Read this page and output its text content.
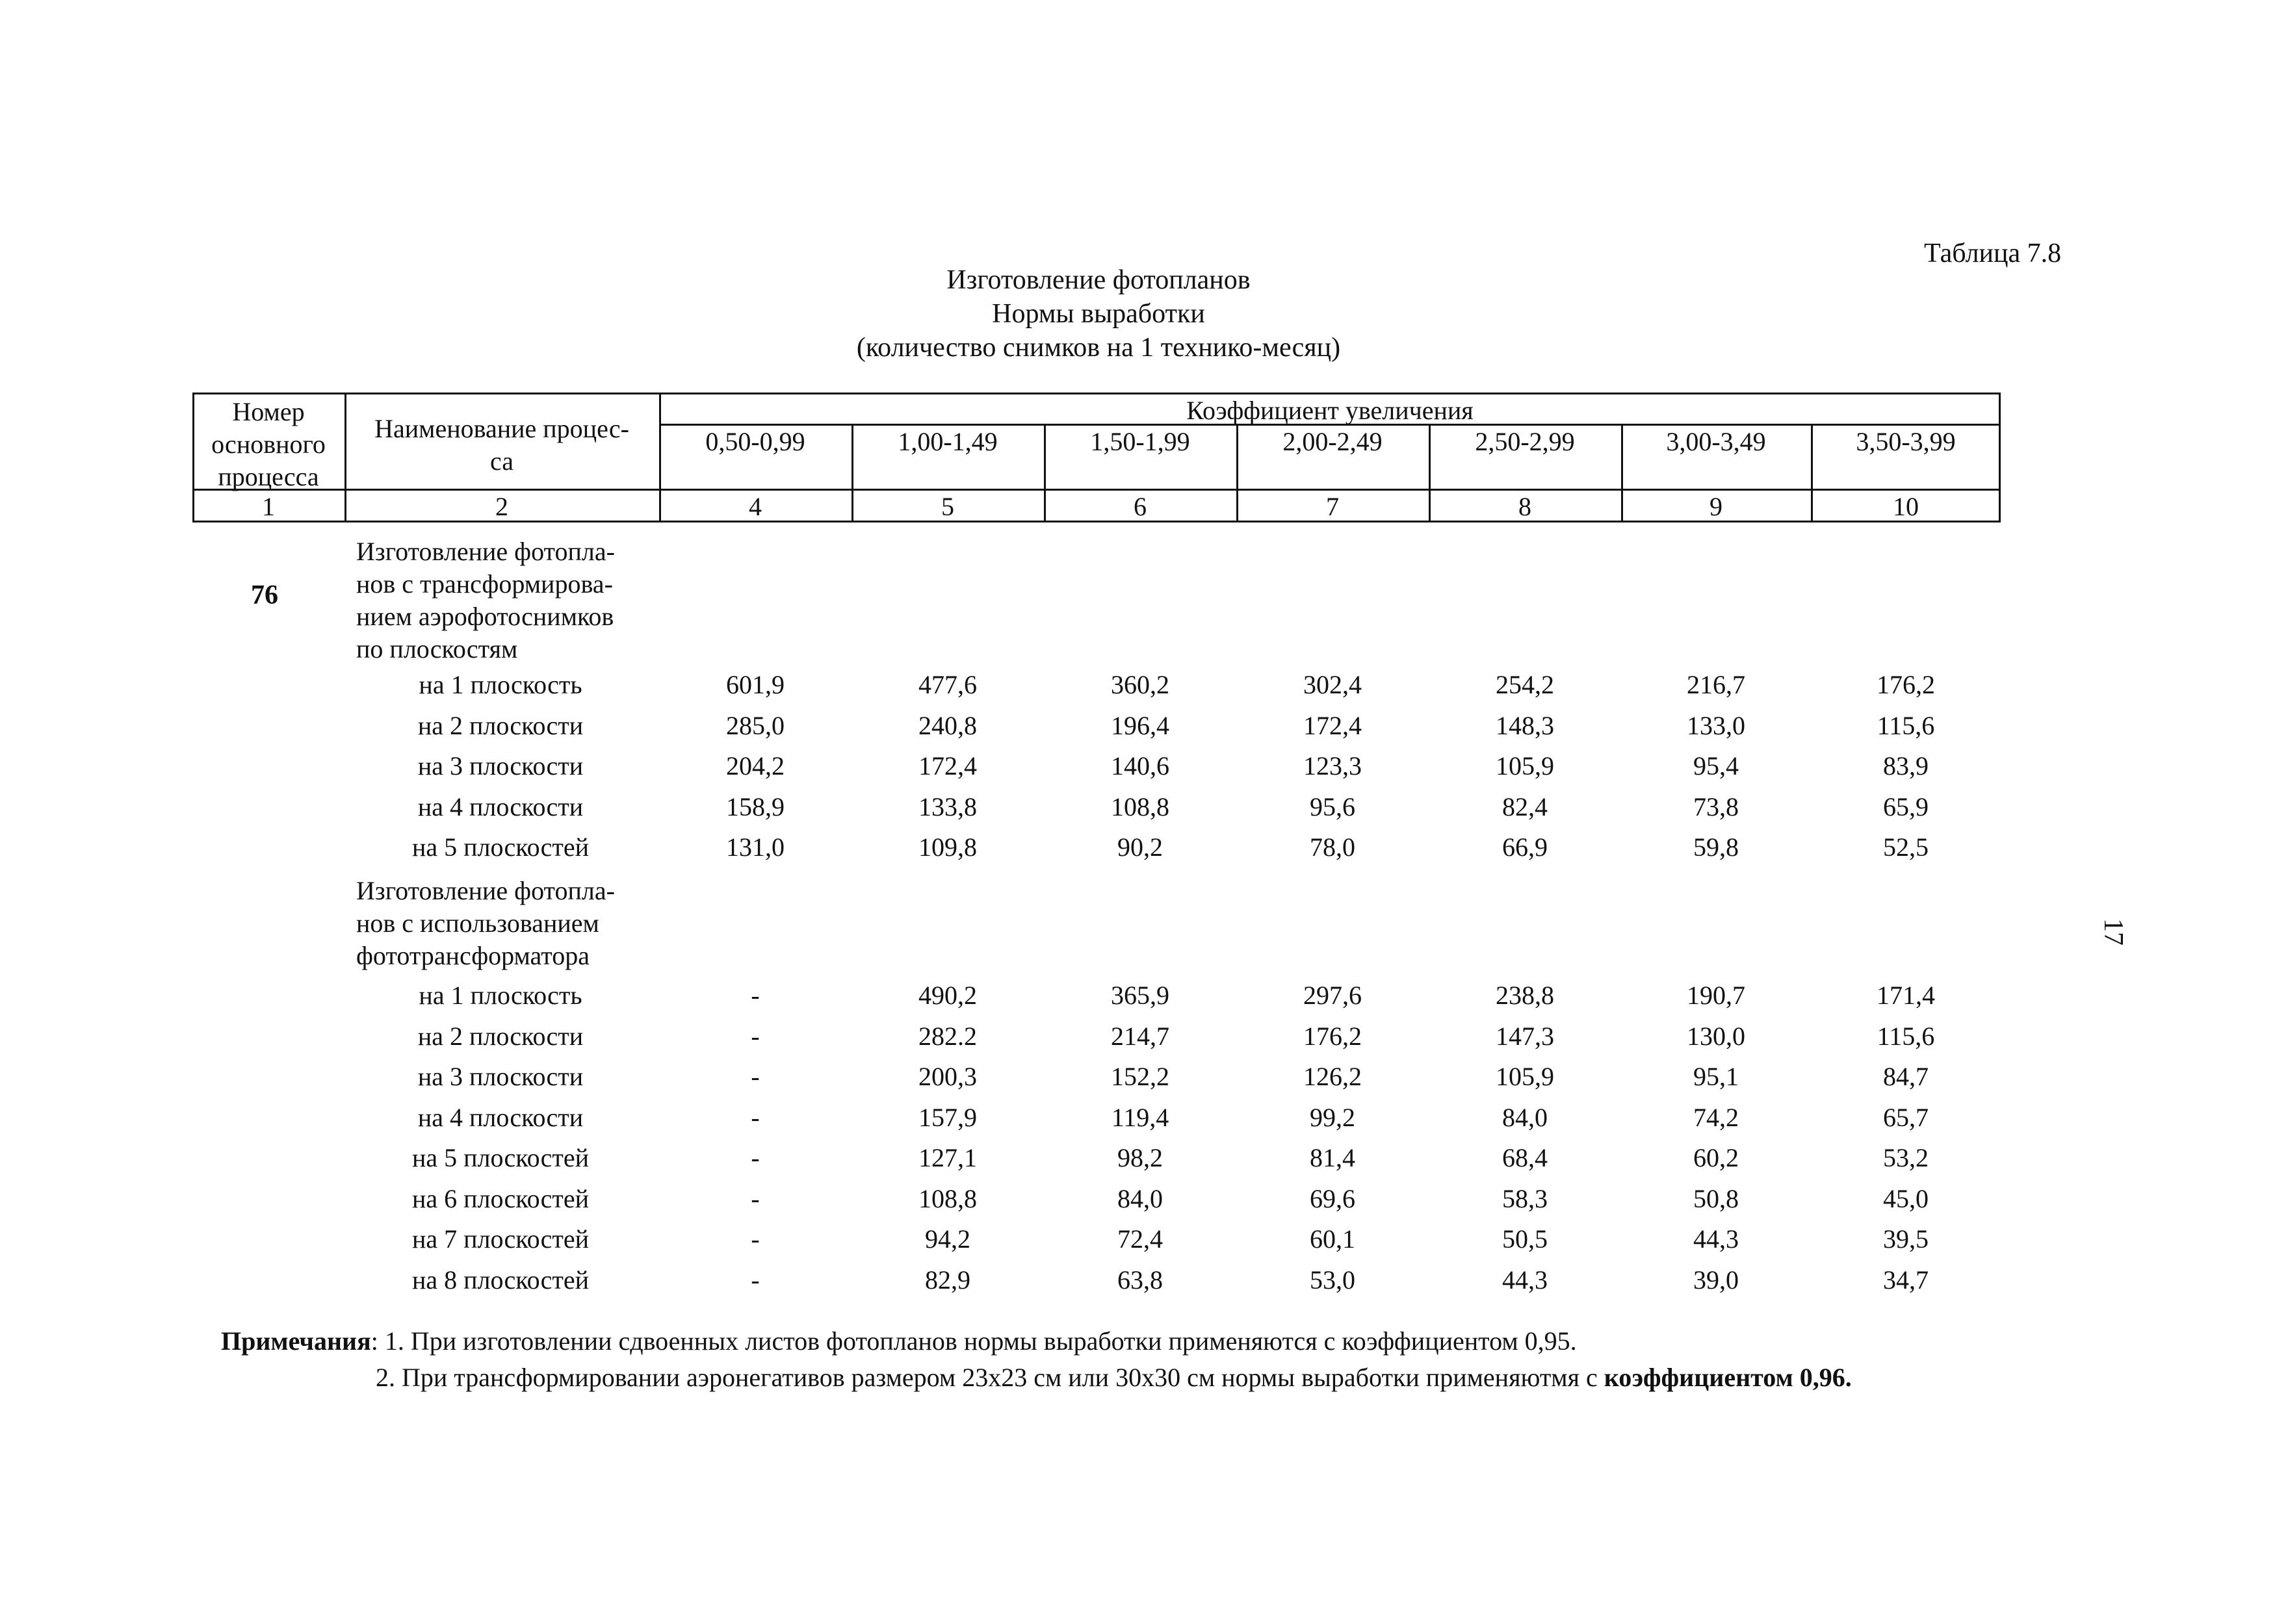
Таблица 7.8
Изготовление фотопланов
Нормы выработки
(количество снимков на 1 технико-месяц)
Номер
основного
процесса
Наименование процес-
са
Коэффициент увеличения
0,50-0,99	1,00-1,49	1,50-1,99	2,00-2,49	2,50-2,99	3,00-3,49	3,50-3,99
1	2	4	5	6	7	8	9	10
76
Изготовление фотопла-
нов с трансформирова-
нием аэрофотоснимков
по плоскостям
на 1 плоскость	601,9	477,6	360,2	302,4	254,2	216,7	176,2
на 2 плоскости	285,0	240,8	196,4	172,4	148,3	133,0	115,6
на 3 плоскости	204,2	172,4	140,6	123,3	105,9	95,4	83,9
на 4 плоскости	158,9	133,8	108,8	95,6	82,4	73,8	65,9
на 5 плоскостей	131,0	109,8	90,2	78,0	66,9	59,8	52,5
Изготовление фотопла-
нов с использованием
фототрансформатора
на 1 плоскость	-	490,2	365,9	297,6	238,8	190,7	171,4
на 2 плоскости	-	282.2	214,7	176,2	147,3	130,0	115,6
на 3 плоскости	-	200,3	152,2	126,2	105,9	95,1	84,7
на 4 плоскости	-	157,9	119,4	99,2	84,0	74,2	65,7
на 5 плоскостей	-	127,1	98,2	81,4	68,4	60,2	53,2
на 6 плоскостей	-	108,8	84,0	69,6	58,3	50,8	45,0
на 7 плоскостей	-	94,2	72,4	60,1	50,5	44,3	39,5
на 8 плоскостей	-	82,9	63,8	53,0	44,3	39,0	34,7
Примечания: 1. При изготовлении сдвоенных листов фотопланов нормы выработки применяются с коэффициентом 0,95.
2. При трансформировании аэронегативов размером 23х23 см или 30х30 см нормы выработки применяютмя с коэффициентом 0,96.
17
